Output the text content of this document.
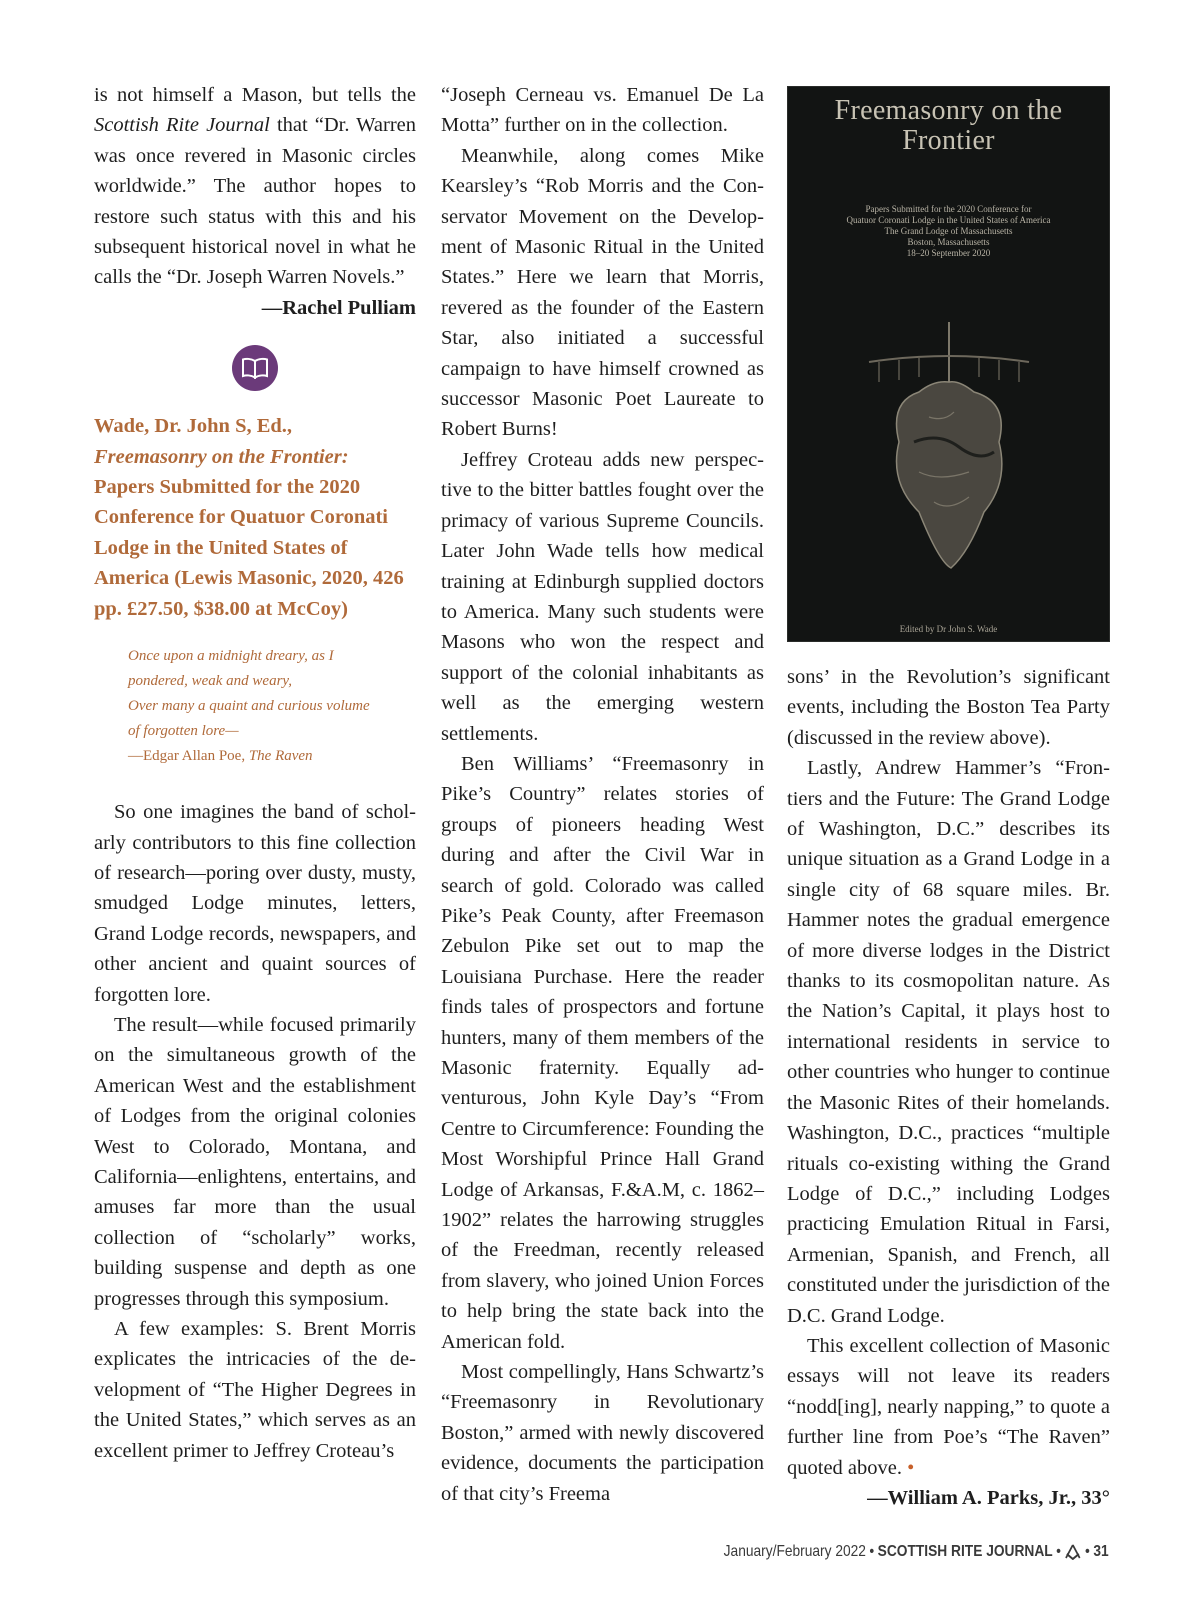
is not himself a Mason, but tells the Scottish Rite Journal that “Dr. Warren was once revered in Masonic circles worldwide.” The author hopes to restore such status with this and his subsequent historical novel in what he calls the “Dr. Joseph Warren Novels.”

—Rachel Pulliam

Wade, Dr. John S, Ed.,
Freemasonry on the Frontier:
Papers Submitted for the 2020 Conference for Quatuor Coronati Lodge in the United States of America (Lewis Masonic, 2020, 426 pp. £27.50, $38.00 at McCoy)

Once upon a midnight dreary, as I
pondered, weak and weary,
Over many a quaint and curious volume
of forgotten lore—
—Edgar Allan Poe, The Raven

So one imagines the band of scholarly contributors to this fine collection of research—poring over dusty, musty, smudged Lodge minutes, letters, Grand Lodge records, newspapers, and other ancient and quaint sources of forgotten lore.

The result—while focused primarily on the simultaneous growth of the American West and the establishment of Lodges from the original colonies West to Colorado, Montana, and California—enlightens, entertains, and amuses far more than the usual collection of “scholarly” works, building suspense and depth as one progresses through this symposium.

A few examples: S. Brent Morris explicates the intricacies of the development of “The Higher Degrees in the United States,” which serves as an excellent primer to Jeffrey Croteau’s

“Joseph Cerneau vs. Emanuel De La Motta” further on in the collection.

Meanwhile, along comes Mike Kearsley’s “Rob Morris and the Conservator Movement on the Development of Masonic Ritual in the United States.” Here we learn that Morris, revered as the founder of the Eastern Star, also initiated a successful campaign to have himself crowned as successor Masonic Poet Laureate to Robert Burns!

Jeffrey Croteau adds new perspective to the bitter battles fought over the primacy of various Supreme Councils. Later John Wade tells how medical training at Edinburgh supplied doctors to America. Many such students were Masons who won the respect and support of the colonial inhabitants as well as the emerging western settlements.

Ben Williams’ “Freemasonry in Pike’s Country” relates stories of groups of pioneers heading West during and after the Civil War in search of gold. Colorado was called Pike’s Peak County, after Freemason Zebulon Pike set out to map the Louisiana Purchase. Here the reader finds tales of prospectors and fortune hunters, many of them members of the Masonic fraternity. Equally adventurous, John Kyle Day’s “From Centre to Circumference: Founding the Most Worshipful Prince Hall Grand Lodge of Arkansas, F.&A.M, c. 1862–1902” relates the harrowing struggles of the Freedman, recently released from slavery, who joined Union Forces to help bring the state back into the American fold.

Most compellingly, Hans Schwartz’s “Freemasonry in Revolutionary Boston,” armed with newly discovered evidence, documents the participation of that city’s Freema

Freemasonry on the
Frontier
Papers Submitted for the 2020 Conference for
Quatuor Coronati Lodge in the United States of America
The Grand Lodge of Massachusetts
Boston, Massachusetts
18–20 September 2020
Edited by Dr John S. Wade

sons’ in the Revolution’s significant events, including the Boston Tea Party (discussed in the review above).

Lastly, Andrew Hammer’s “Frontiers and the Future: The Grand Lodge of Washington, D.C.” describes its unique situation as a Grand Lodge in a single city of 68 square miles. Br. Hammer notes the gradual emergence of more diverse lodges in the District thanks to its cosmopolitan nature. As the Nation’s Capital, it plays host to international residents in service to other countries who hunger to continue the Masonic Rites of their homelands. Washington, D.C., practices “multiple rituals co-existing withing the Grand Lodge of D.C.,” including Lodges practicing Emulation Ritual in Farsi, Armenian, Spanish, and French, all constituted under the jurisdiction of the D.C. Grand Lodge.

This excellent collection of Masonic essays will not leave its readers “nodd[ing], nearly napping,” to quote a further line from Poe’s “The Raven” quoted above. •

—William A. Parks, Jr., 33°

January/February 2022 • SCOTTISH RITE JOURNAL • • 31
